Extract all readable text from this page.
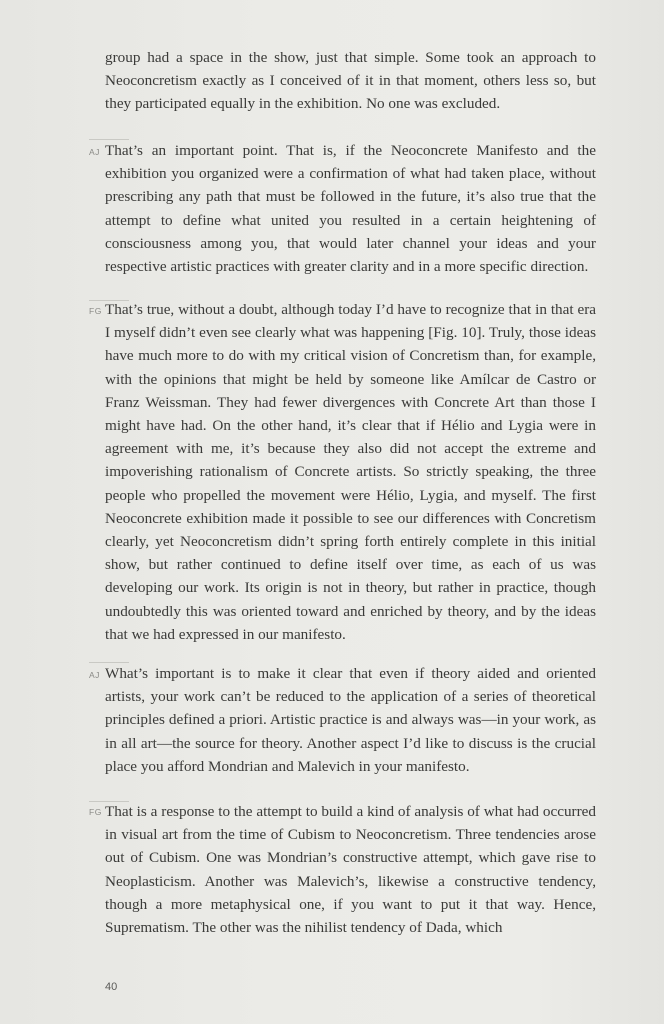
group had a space in the show, just that simple. Some took an approach to Neoconcretism exactly as I conceived of it in that moment, others less so, but they participated equally in the exhibition. No one was excluded.

AJ That’s an important point. That is, if the Neoconcrete Manifesto and the exhibition you organized were a confirmation of what had taken place, without prescribing any path that must be followed in the future, it’s also true that the attempt to define what united you resulted in a certain heightening of consciousness among you, that would later channel your ideas and your respective artistic practices with greater clarity and in a more specific direction.

FG That’s true, without a doubt, although today I’d have to recognize that in that era I myself didn’t even see clearly what was happening [Fig. 10]. Truly, those ideas have much more to do with my critical vision of Concretism than, for example, with the opinions that might be held by someone like Amílcar de Castro or Franz Weissman. They had fewer divergences with Concrete Art than those I might have had. On the other hand, it’s clear that if Hélio and Lygia were in agreement with me, it’s because they also did not accept the extreme and impoverishing rationalism of Concrete artists. So strictly speaking, the three people who propelled the movement were Hélio, Lygia, and myself. The first Neoconcrete exhibition made it possible to see our differences with Concretism clearly, yet Neoconcretism didn’t spring forth entirely complete in this initial show, but rather continued to define itself over time, as each of us was developing our work. Its origin is not in theory, but rather in practice, though undoubtedly this was oriented toward and enriched by theory, and by the ideas that we had expressed in our manifesto.

AJ What’s important is to make it clear that even if theory aided and oriented artists, your work can’t be reduced to the application of a series of theoretical principles defined a priori. Artistic practice is and always was—in your work, as in all art—the source for theory. Another aspect I’d like to discuss is the crucial place you afford Mondrian and Malevich in your manifesto.

FG That is a response to the attempt to build a kind of analysis of what had occurred in visual art from the time of Cubism to Neoconcretism. Three tendencies arose out of Cubism. One was Mondrian’s constructive attempt, which gave rise to Neoplasticism. Another was Malevich’s, likewise a constructive tendency, though a more metaphysical one, if you want to put it that way. Hence, Suprematism. The other was the nihilist tendency of Dada, which

40
